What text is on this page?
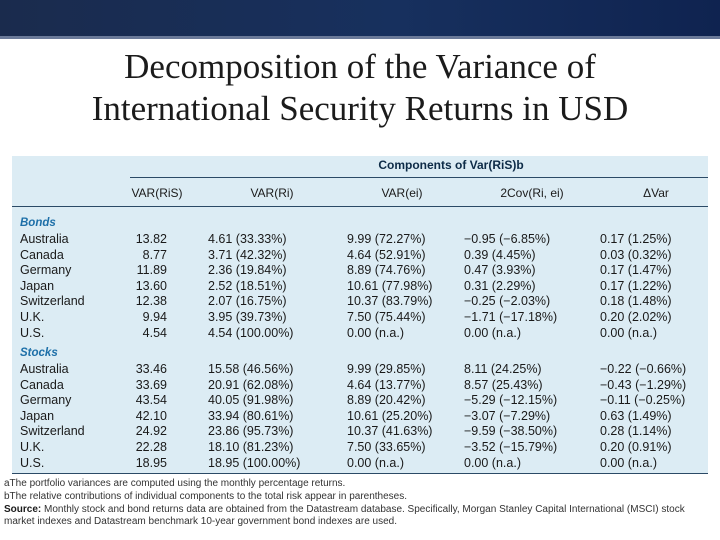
Decomposition of the Variance of
International Security Returns in USD
Components of Var(RiS)b
VAR(RiS)	VAR(Ri)	VAR(ei)	2Cov(Ri, ei)	ΔVar
Bonds
Australia	13.82	4.61 (33.33%)	9.99 (72.27%)	−0.95 (−6.85%)	0.17 (1.25%)
Canada	8.77	3.71 (42.32%)	4.64 (52.91%)	0.39 (4.45%)	0.03 (0.32%)
Germany	11.89	2.36 (19.84%)	8.89 (74.76%)	0.47 (3.93%)	0.17 (1.47%)
Japan	13.60	2.52 (18.51%)	10.61 (77.98%)	0.31 (2.29%)	0.17 (1.22%)
Switzerland	12.38	2.07 (16.75%)	10.37 (83.79%)	−0.25 (−2.03%)	0.18 (1.48%)
U.K.	9.94	3.95 (39.73%)	7.50 (75.44%)	−1.71 (−17.18%)	0.20 (2.02%)
U.S.	4.54	4.54 (100.00%)	0.00 (n.a.)	0.00 (n.a.)	0.00 (n.a.)
Stocks
Australia	33.46	15.58 (46.56%)	9.99 (29.85%)	8.11 (24.25%)	−0.22 (−0.66%)
Canada	33.69	20.91 (62.08%)	4.64 (13.77%)	8.57 (25.43%)	−0.43 (−1.29%)
Germany	43.54	40.05 (91.98%)	8.89 (20.42%)	−5.29 (−12.15%)	−0.11 (−0.25%)
Japan	42.10	33.94 (80.61%)	10.61 (25.20%)	−3.07 (−7.29%)	0.63 (1.49%)
Switzerland	24.92	23.86 (95.73%)	10.37 (41.63%)	−9.59 (−38.50%)	0.28 (1.14%)
U.K.	22.28	18.10 (81.23%)	7.50 (33.65%)	−3.52 (−15.79%)	0.20 (0.91%)
U.S.	18.95	18.95 (100.00%)	0.00 (n.a.)	0.00 (n.a.)	0.00 (n.a.)
aThe portfolio variances are computed using the monthly percentage returns.
bThe relative contributions of individual components to the total risk appear in parentheses.
Source: Monthly stock and bond returns data are obtained from the Datastream database. Specifically, Morgan Stanley Capital International (MSCI) stock market indexes and Datastream benchmark 10-year government bond indexes are used.
